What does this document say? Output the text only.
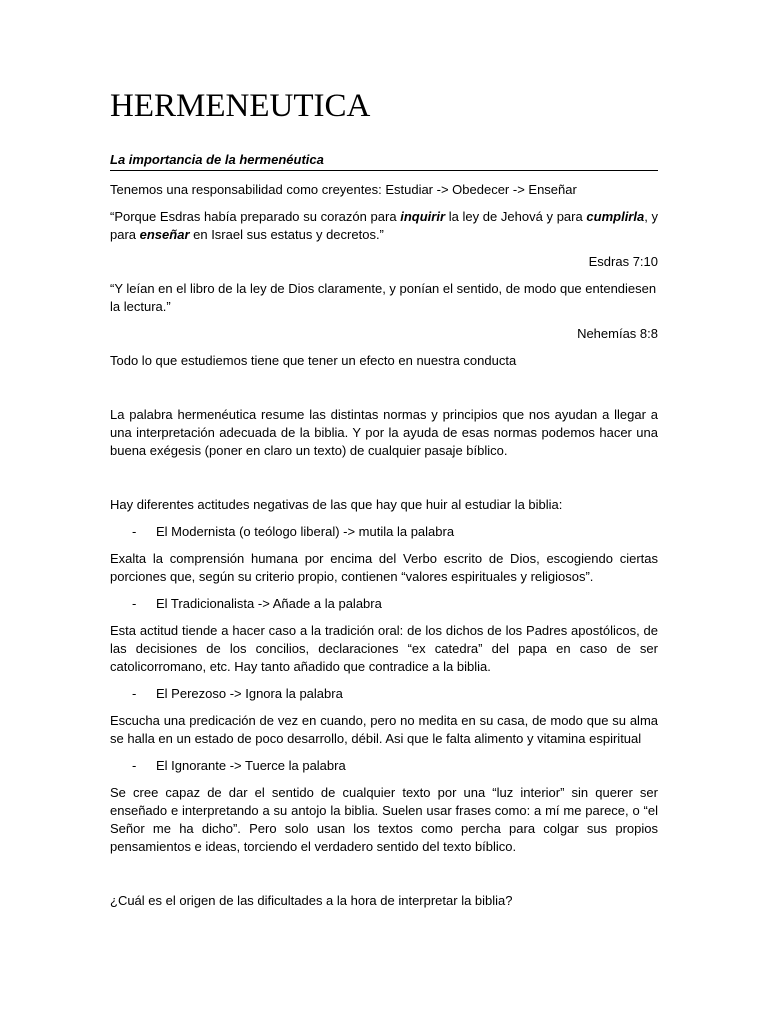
HERMENEUTICA
La importancia de la hermenéutica

Tenemos una responsabilidad como creyentes: Estudiar -> Obedecer -> Enseñar

“Porque Esdras había preparado su corazón para inquirir la ley de Jehová y para cumplirla, y para enseñar en Israel sus estatus y decretos.”

Esdras 7:10

“Y leían en el libro de la ley de Dios claramente, y ponían el sentido, de modo que entendiesen la lectura.”

Nehemías 8:8

Todo lo que estudiemos tiene que tener un efecto en nuestra conducta

La palabra hermenéutica resume las distintas normas y principios que nos ayudan a llegar a una interpretación adecuada de la biblia. Y por la ayuda de esas normas podemos hacer una buena exégesis (poner en claro un texto) de cualquier pasaje bíblico.

Hay diferentes actitudes negativas de las que hay que huir al estudiar la biblia:

-	El Modernista (o teólogo liberal) -> mutila la palabra

Exalta la comprensión humana por encima del Verbo escrito de Dios, escogiendo ciertas porciones que, según su criterio propio, contienen “valores espirituales y religiosos”.

-	El Tradicionalista -> Añade a la palabra

Esta actitud tiende a hacer caso a la tradición oral: de los dichos de los Padres apostólicos, de las decisiones de los concilios, declaraciones “ex catedra” del papa en caso de ser catolicorromano, etc. Hay tanto añadido que contradice a la biblia.

-	El Perezoso -> Ignora la palabra

Escucha una predicación de vez en cuando, pero no medita en su casa, de modo que su alma se halla en un estado de poco desarrollo, débil. Asi que le falta alimento y vitamina espiritual

-	El Ignorante -> Tuerce la palabra

Se cree capaz de dar el sentido de cualquier texto por una “luz interior” sin querer ser enseñado e interpretando a su antojo la biblia. Suelen usar frases como: a mí me parece, o “el Señor me ha dicho”. Pero solo usan los textos como percha para colgar sus propios pensamientos e ideas, torciendo el verdadero sentido del texto bíblico.

¿Cuál es el origen de las dificultades a la hora de interpretar la biblia?
